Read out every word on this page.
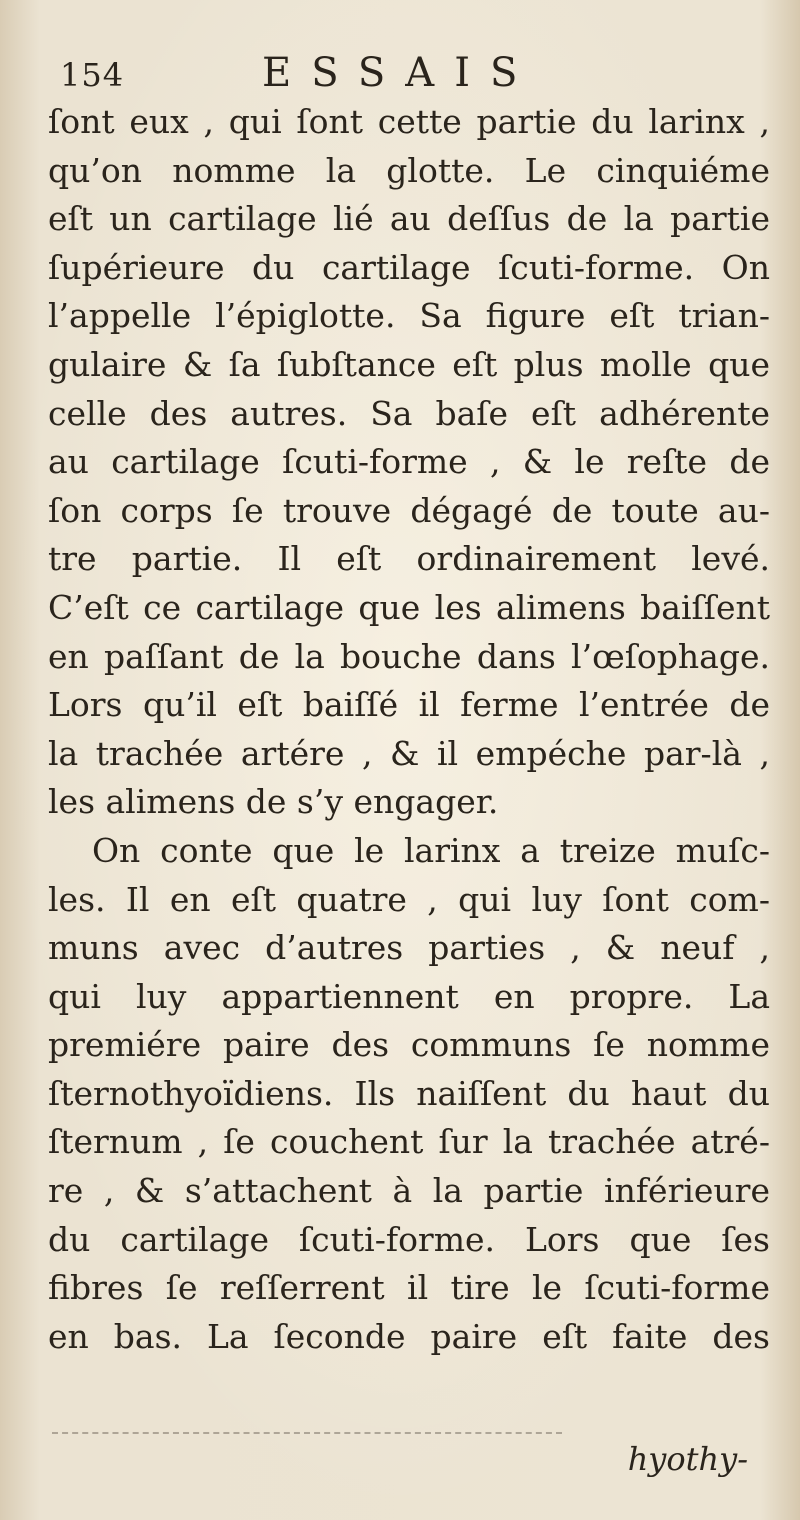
154	ESSAIS
ſont eux , qui ſont cette partie du larinx ,
qu’on nomme la glotte. Le cinquiéme
eſt un cartilage lié au deſſus de la partie
ſupérieure du cartilage ſcuti-forme. On
l’appelle l’épiglotte. Sa figure eſt trian-
gulaire & ſa ſubſtance eſt plus molle que
celle des autres. Sa baſe eſt adhérente
au cartilage ſcuti-forme , & le reſte de
ſon corps ſe trouve dégagé de toute au-
tre partie. Il eſt ordinairement levé.
C’eſt ce cartilage que les alimens baiſſent
en paſſant de la bouche dans l’œſophage.
Lors qu’il eſt baiſſé il ferme l’entrée de
la trachée artére , & il empéche par-là ,
les alimens de s’y engager.
On conte que le larinx a treize muſc-
les. Il en eſt quatre , qui luy ſont com-
muns avec d’autres parties , & neuf ,
qui luy appartiennent en propre. La
premiére paire des communs ſe nomme
ſternothyoïdiens. Ils naiſſent du haut du
ſternum , ſe couchent ſur la trachée atré-
re , & s’attachent à la partie inférieure
du cartilage ſcuti-forme. Lors que ſes
fibres ſe reſſerrent il tire le ſcuti-forme
en bas. La ſeconde paire eſt faite des
hyothy-
